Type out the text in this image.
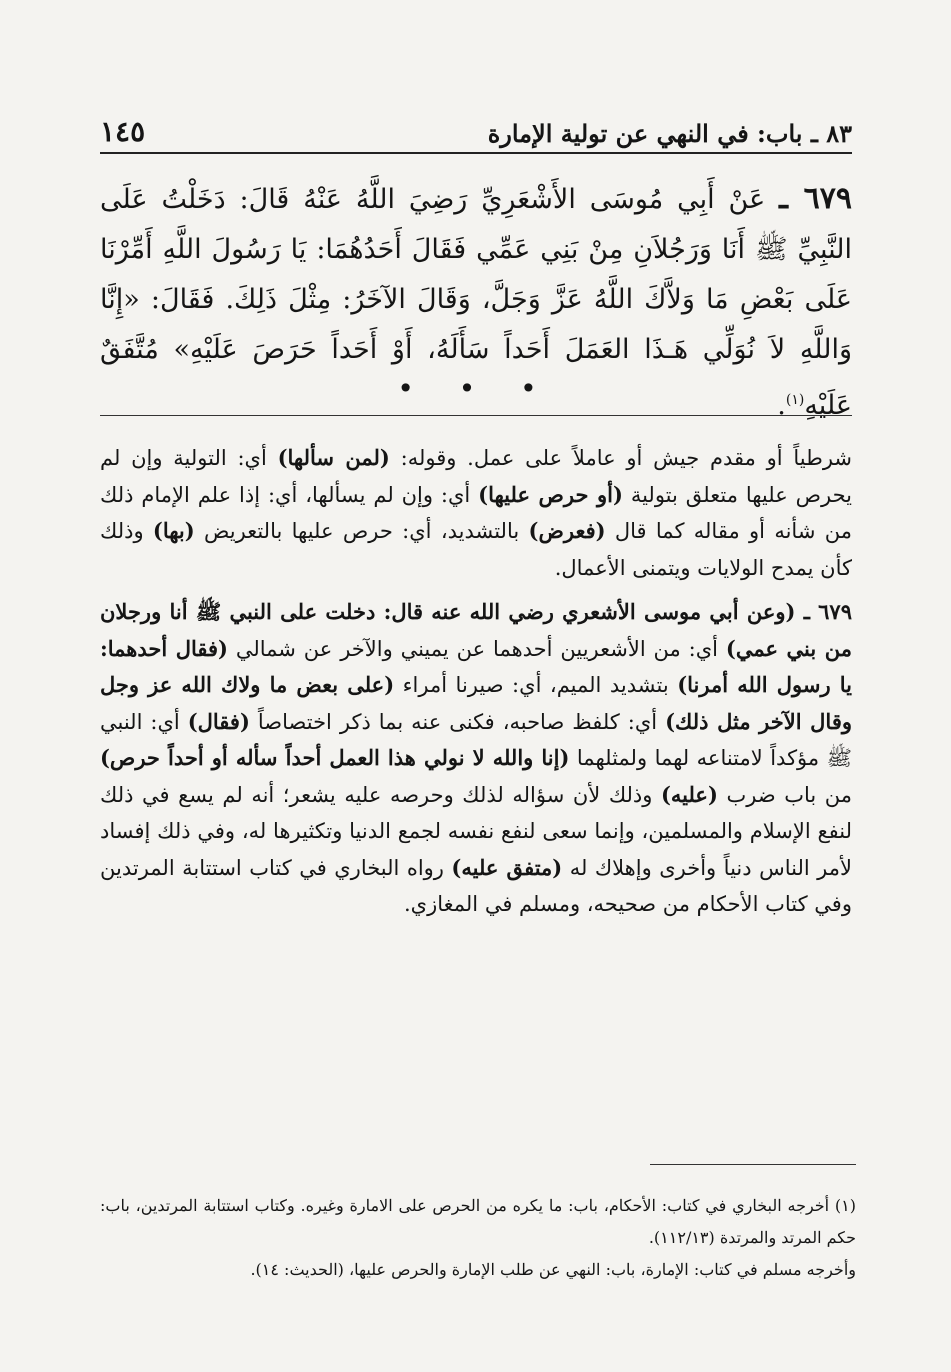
٨٣ ـ باب: في النهي عن تولية الإمارة
١٤٥
٦٧٩ ـ عَنْ أَبِي مُوسَى الأَشْعَرِيِّ رَضِيَ اللَّهُ عَنْهُ قَالَ: دَخَلْتُ عَلَى النَّبِيِّ ﷺ أَنَا وَرَجُلاَنِ مِنْ بَنِي عَمِّي فَقَالَ أَحَدُهُمَا: يَا رَسُولَ اللَّهِ أَمِّرْنَا عَلَى بَعْضِ مَا وَلاَّكَ اللَّهُ عَزَّ وَجَلَّ، وَقَالَ الآخَرُ: مِثْلَ ذَلِكَ. فَقَالَ: «إِنَّا وَاللَّهِ لاَ نُوَلِّي هَـذَا العَمَلَ أَحَداً سَأَلَهُ، أَوْ أَحَداً حَرَصَ عَلَيْهِ» مُتَّفَقٌ عَلَيْهِ$^{(١)}$.
• • •

شرطياً أو مقدم جيش أو عاملاً على عمل. وقوله: (لمن سألها) أي: التولية وإن لم يحرص عليها متعلق بتولية (أو حرص عليها) أي: وإن لم يسألها، أي: إذا علم الإمام ذلك من شأنه أو مقاله كما قال (فعرض) بالتشديد، أي: حرص عليها بالتعريض (بها) وذلك كأن يمدح الولايات ويتمنى الأعمال.

٦٧٩ ـ (وعن أبي موسى الأشعري رضي الله عنه قال: دخلت على النبي ﷺ أنا ورجلان من بني عمي) أي: من الأشعريين أحدهما عن يميني والآخر عن شمالي (فقال أحدهما: يا رسول الله أمرنا) بتشديد الميم، أي: صيرنا أمراء (على بعض ما ولاك الله عز وجل وقال الآخر مثل ذلك) أي: كلفظ صاحبه، فكنى عنه بما ذكر اختصاصاً (فقال) أي: النبي ﷺ مؤكداً لامتناعه لهما ولمثلهما (إنا والله لا نولي هذا العمل أحداً سأله أو أحداً حرص) من باب ضرب (عليه) وذلك لأن سؤاله لذلك وحرصه عليه يشعر؛ أنه لم يسع في ذلك لنفع الإسلام والمسلمين، وإنما سعى لنفع نفسه لجمع الدنيا وتكثيرها له، وفي ذلك إفساد لأمر الناس دنياً وأخرى وإهلاك له (متفق عليه) رواه البخاري في كتاب استتابة المرتدين وفي كتاب الأحكام من صحيحه، ومسلم في المغازي.

(١) أخرجه البخاري في كتاب: الأحكام، باب: ما يكره من الحرص على الامارة وغيره. وكتاب استتابة المرتدين، باب: حكم المرتد والمرتدة (١١٢/١٣).

وأخرجه مسلم في كتاب: الإمارة، باب: النهي عن طلب الإمارة والحرص عليها، (الحديث: ١٤).
